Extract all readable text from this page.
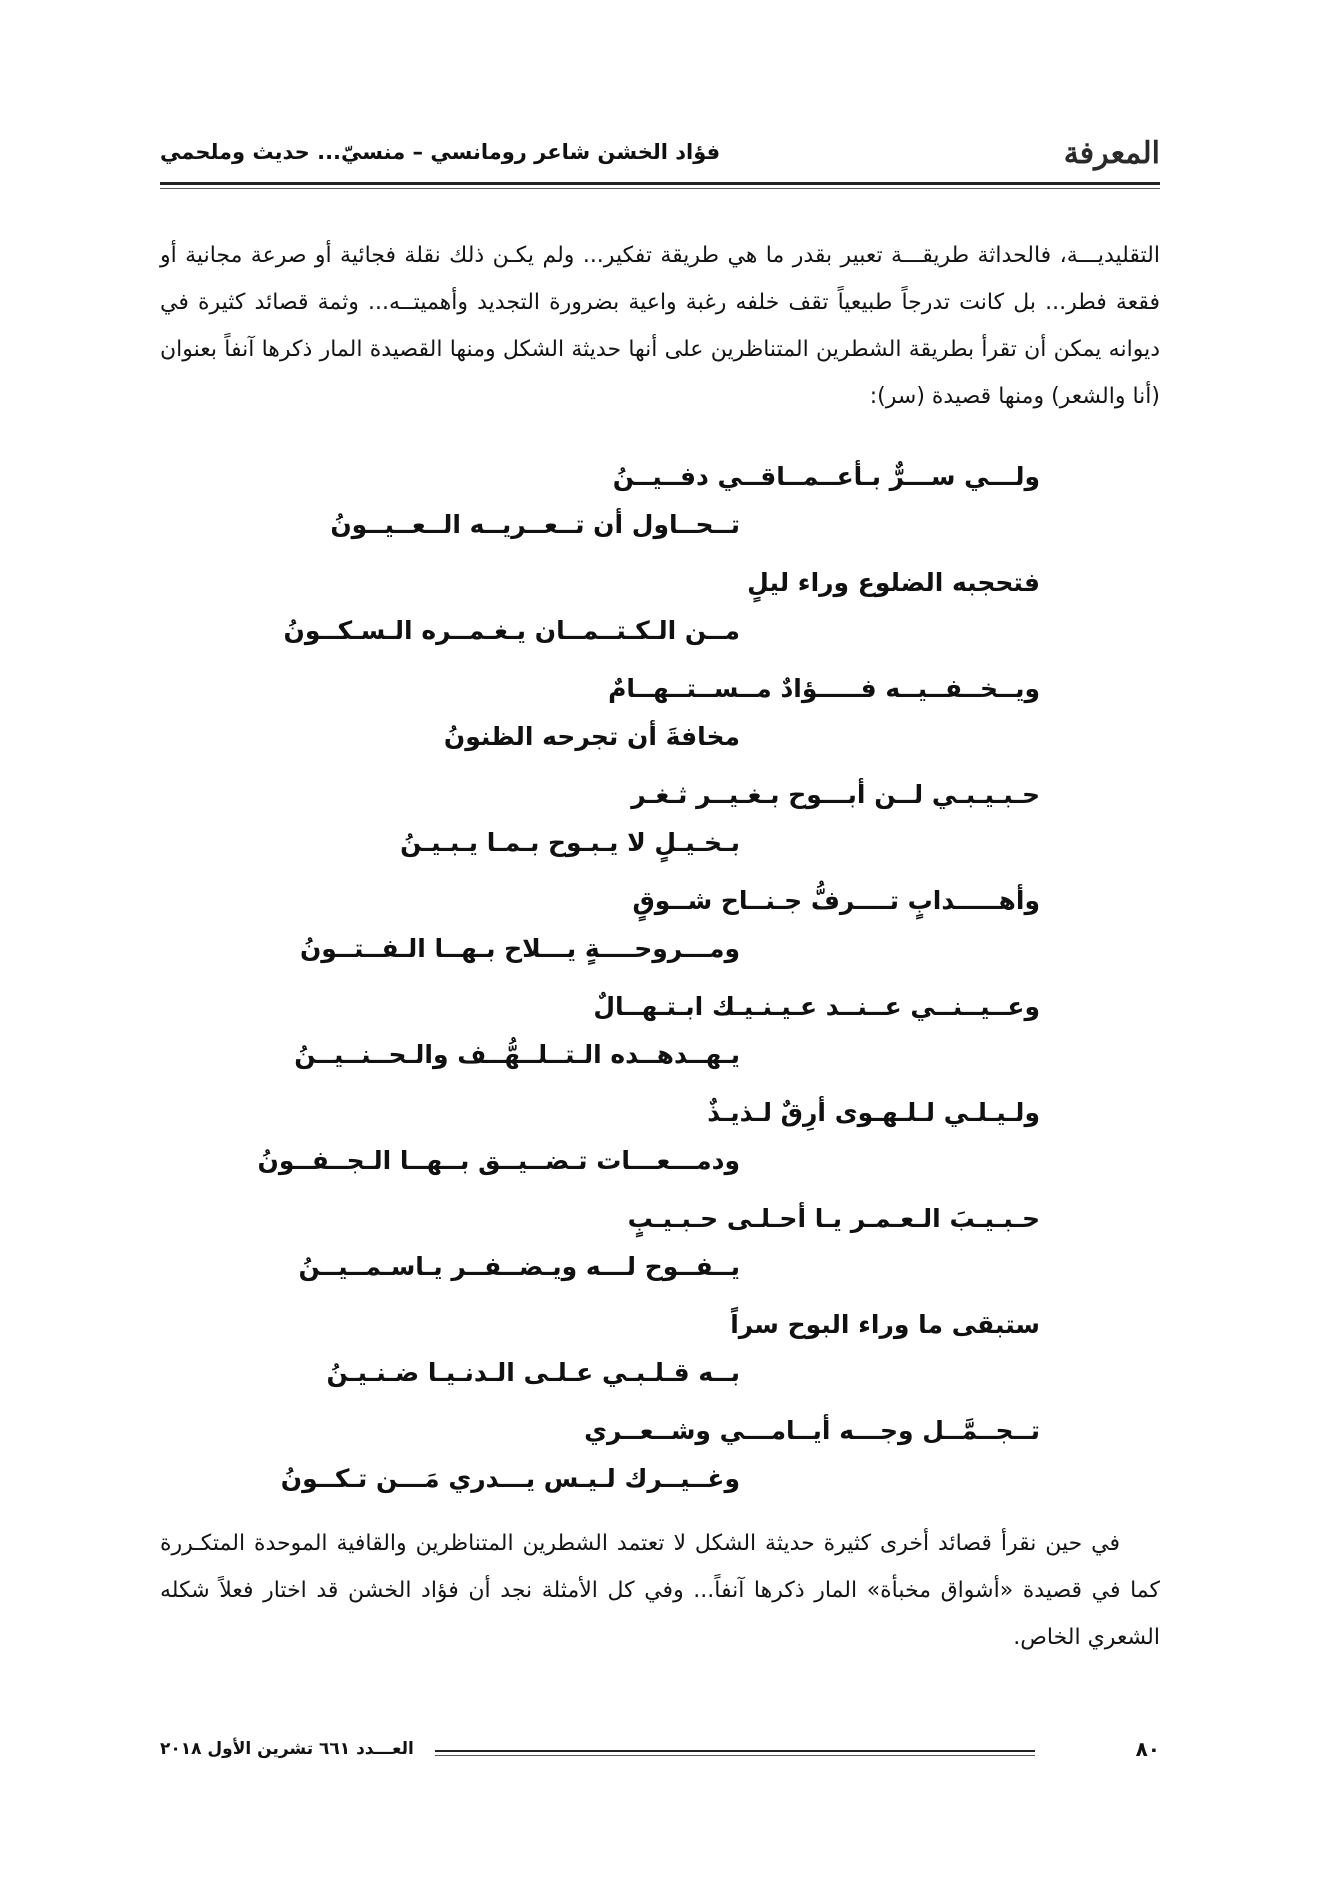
المعرفة
فؤاد الخشن شاعر رومانسي – منسيّ... حديث وملحمي
التقليديـــة، فالحداثة طريقـــة تعبير بقدر ما هي طريقة تفكير... ولم يكـن ذلك نقلة فجائية أو صرعة مجانية أو فقعة فطر... بل كانت تدرجاً طبيعياً تقف خلفه رغبة واعية بضرورة التجديد وأهميتــه... وثمة قصائد كثيرة في ديوانه يمكن أن تقرأ بطريقة الشطرين المتناظرين على أنها حديثة الشكل ومنها القصيدة المار ذكرها آنفاً بعنوان (أنا والشعر) ومنها قصيدة (سر):
ولـــي ســـرٌّ بـأعــمــاقــي دفــيــنُ
تــحــاول أن تــعــريــه الــعــيــونُ
فتحجبه الضلوع وراء ليلٍ
مــن الـكـتــمــان يـغـمــره الـسـكــونُ
ويــخــفــيــه فـــــؤادٌ مــســتــهــامٌ
مخافةَ أن تجرحه الظنونُ
حـبـيـبـي لــن أبـــوح بـغـيــر ثـغـر
بـخـيـلٍ لا يـبـوح بـمـا يـبـيـنُ
وأهـــــدابٍ تــــرفُّ جـنــاح شــوقٍ
ومـــروحــــةٍ يـــلاح بـهــا الـفــتــونُ
وعــيــنــي عــنــد عـيـنـيـك ابـتـهــالٌ
يـهــدهــده الـتــلــهُّــف والـحــنــيــنُ
ولـيـلـي لـلـهـوى أرِقٌ لـذيـذٌ
ودمـــعـــات تـضــيــق بــهــا الـجــفــونُ
حـبـيـبَ الـعـمـر يـا أحـلـى حـبـيـبٍ
يــفــوح لـــه ويـضــفــر يـاسـمــيــنُ
ستبقى ما وراء البوح سراً
بــه قـلـبـي عـلـى الـدنـيـا ضـنـيـنُ
تــجــمَّــل وجـــه أيــامـــي وشــعــري
وغــيــرك لـيـس يـــدري مَـــن تـكــونُ
في حين نقرأ قصائد أخرى كثيرة حديثة الشكل لا تعتمد الشطرين المتناظرين والقافية الموحدة المتكـررة كما في قصيدة «أشواق مخبأة» المار ذكرها آنفاً... وفي كل الأمثلة نجد أن فؤاد الخشن قد اختار فعلاً شكله الشعري الخاص.
٨٠
العـــدد ٦٦١ تشرين الأول ٢٠١٨
